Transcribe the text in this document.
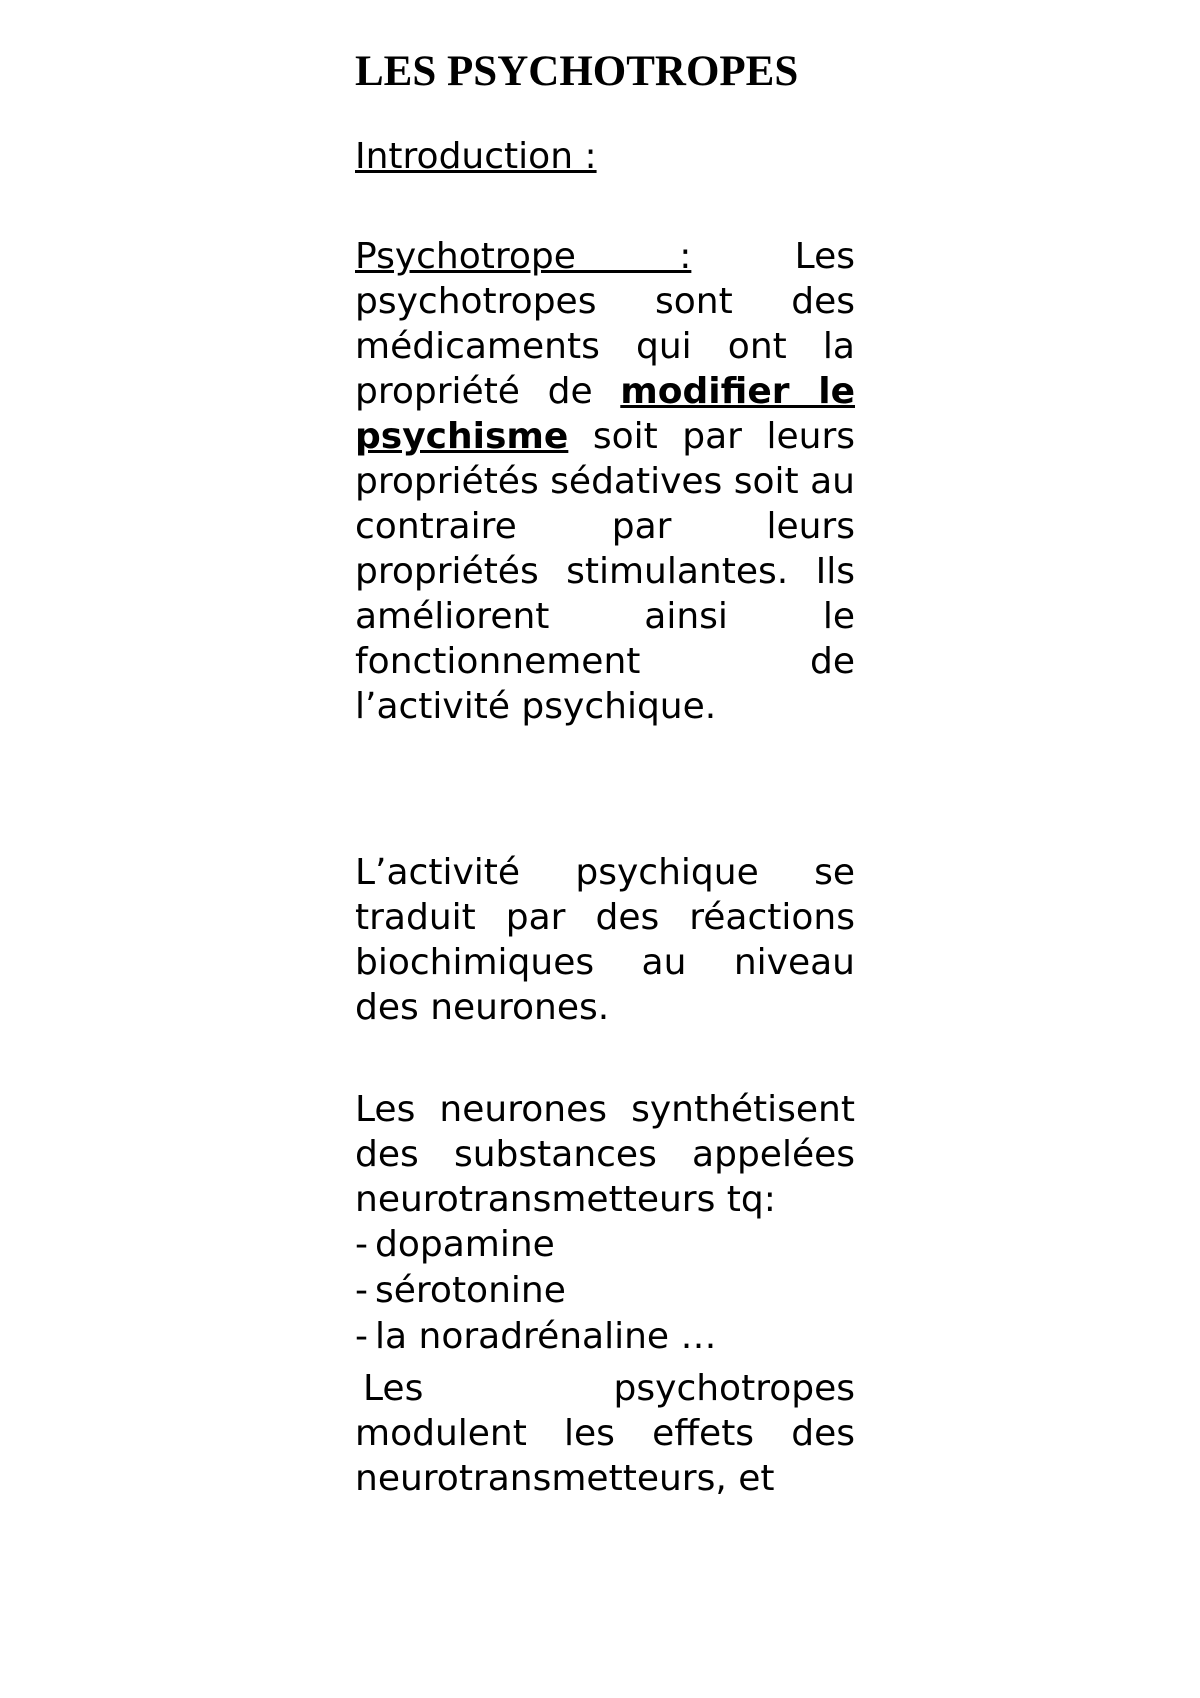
LES PSYCHOTROPES
Introduction :

Psychotrope : Les psychotropes sont des médicaments qui ont la propriété de modifier le psychisme soit par leurs propriétés sédatives soit au contraire par leurs propriétés stimulantes. Ils améliorent ainsi le fonctionnement de l’activité psychique.

L’activité psychique se traduit par des réactions biochimiques au niveau des neurones.

Les neurones synthétisent des substances appelées neurotransmetteurs tq:

- dopamine
- sérotonine
- la noradrénaline …

Les psychotropes modulent les effets des neurotransmetteurs, et
